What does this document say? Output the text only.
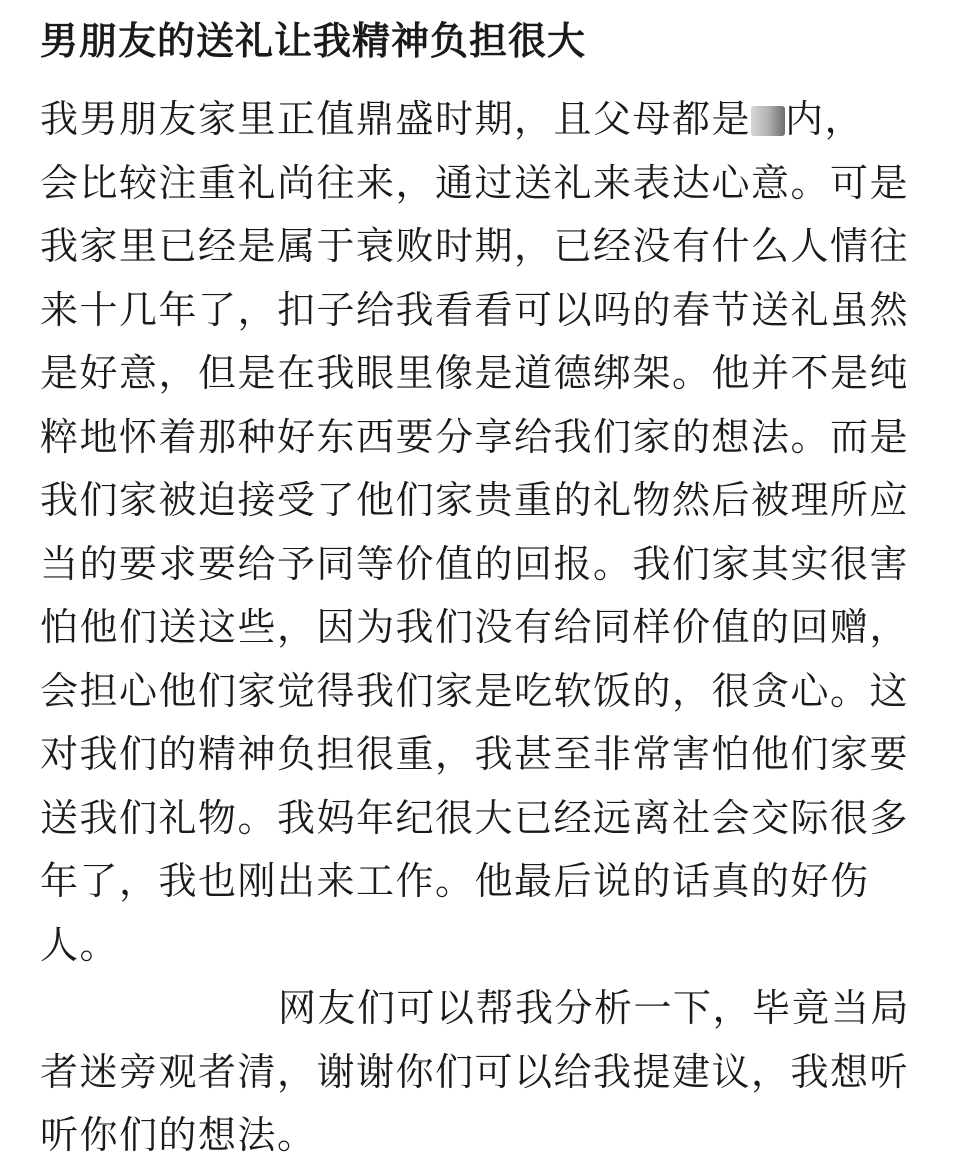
男朋友的送礼让我精神负担很大
我男朋友家里正值鼎盛时期，且父母都是 内，
会比较注重礼尚往来，通过送礼来表达心意。可是
我家里已经是属于衰败时期，已经没有什么人情往
来十几年了，扣子给我看看可以吗的春节送礼虽然
是好意，但是在我眼里像是道德绑架。他并不是纯
粹地怀着那种好东西要分享给我们家的想法。而是
我们家被迫接受了他们家贵重的礼物然后被理所应
当的要求要给予同等价值的回报。我们家其实很害
怕他们送这些，因为我们没有给同样价值的回赠，
会担心他们家觉得我们家是吃软饭的，很贪心。这
对我们的精神负担很重，我甚至非常害怕他们家要
送我们礼物。我妈年纪很大已经远离社会交际很多
年了，我也刚出来工作。他最后说的话真的好伤
人。
网友们可以帮我分析一下，毕竟当局
者迷旁观者清，谢谢你们可以给我提建议，我想听
听你们的想法。
